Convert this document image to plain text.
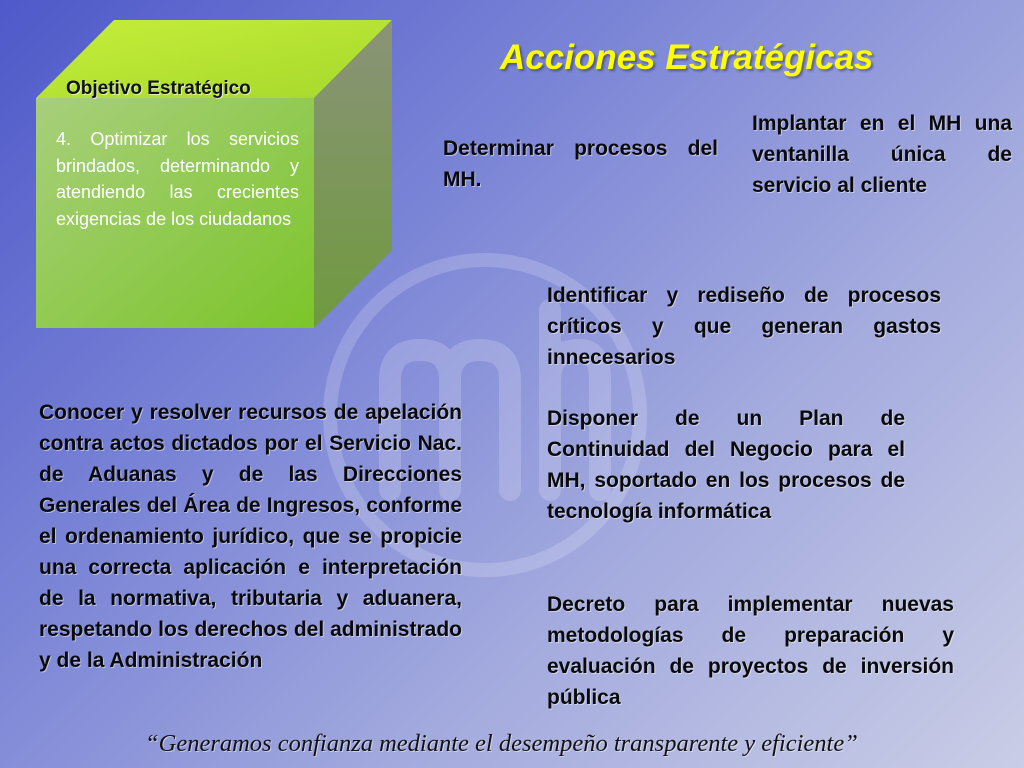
Objetivo Estratégico
4. Optimizar los servicios brindados, determinando y atendiendo las crecientes exigencias de los ciudadanos
Acciones Estratégicas
Determinar procesos del MH.
Implantar en el MH una ventanilla única de servicio al cliente
Identificar y rediseño de procesos críticos y que generan gastos innecesarios
Conocer y resolver recursos de apelación contra actos dictados por el Servicio Nac. de Aduanas y de las Direcciones Generales del Área de Ingresos, conforme el ordenamiento jurídico, que se propicie una correcta aplicación e interpretación de la normativa, tributaria y aduanera, respetando los derechos del administrado y de la Administración
Disponer de un Plan de Continuidad del Negocio para el MH, soportado en los procesos de tecnología informática
Decreto para implementar nuevas metodologías de preparación y evaluación de proyectos de inversión pública
“Generamos confianza mediante el desempeño transparente y eficiente”
